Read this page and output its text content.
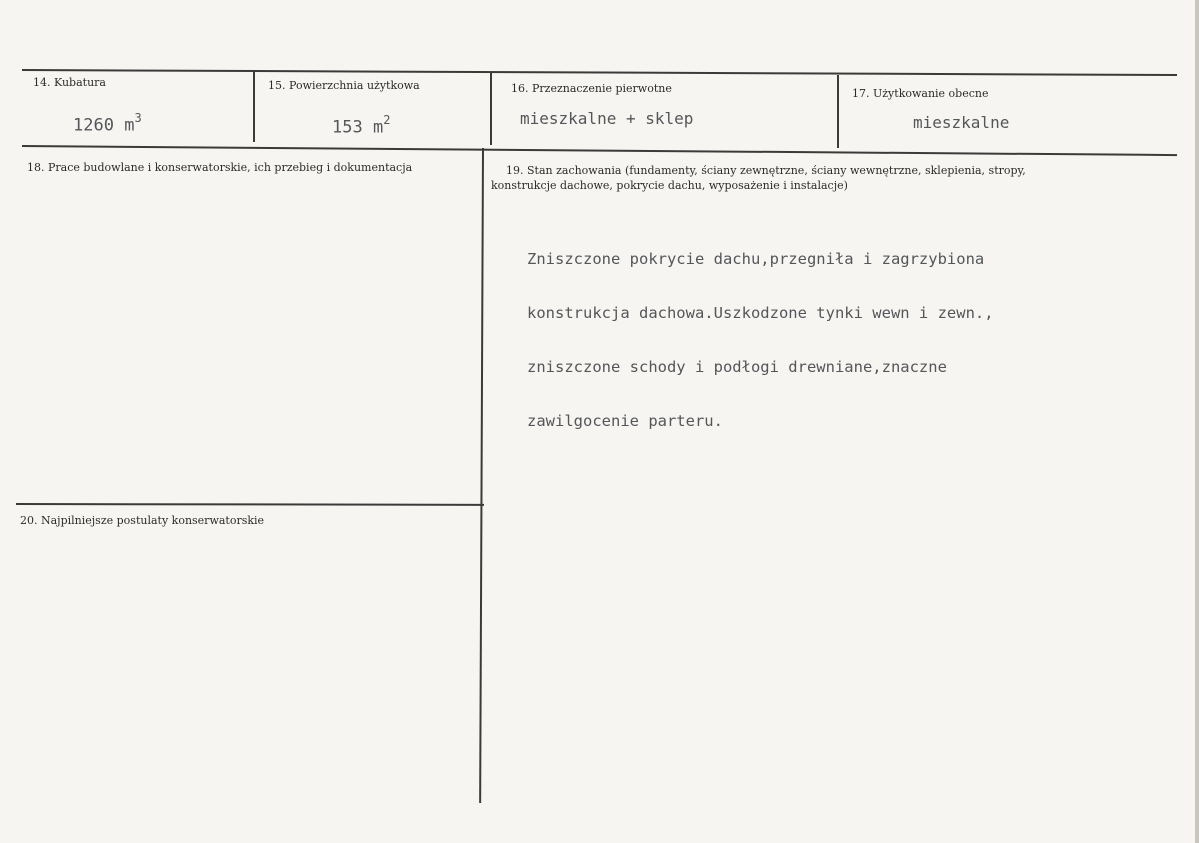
14. Kubatura
1260 $m^3$
15. Powierzchnia użytkowa
153 $m^2$
16. Przeznaczenie pierwotne
mieszkalne + sklep
17. Użytkowanie obecne
mieszkalne
18. Prace budowlane i konserwatorskie, ich przebieg i dokumentacja	19. Stan zachowania (fundamenty, ściany zewnętrzne, ściany wewnętrzne, sklepienia, stropy,
konstrukcje dachowe, pokrycie dachu, wyposażenie i instalacje)

Zniszczone pokrycie dachu,przegniła i zagrzybiona

konstrukcja dachowa.Uszkodzone tynki wewn i zewn.,

zniszczone schody i podłogi drewniane,znaczne

zawilgocenie parteru.

20. Najpilniejsze postulaty konserwatorskie
